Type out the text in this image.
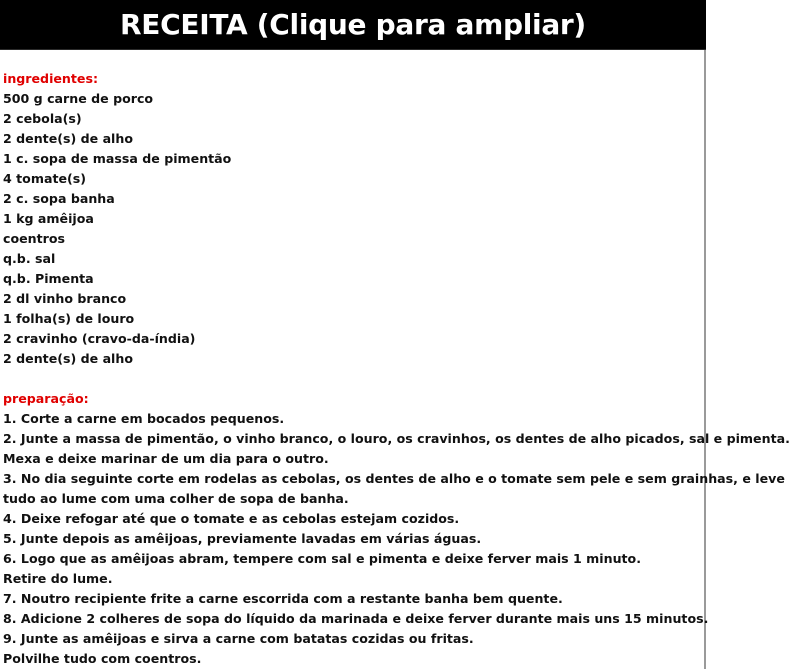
RECEITA (Clique para ampliar)
ingredientes:
500 g carne de porco
2 cebola(s)
2 dente(s) de alho
1 c. sopa de massa de pimentão
4 tomate(s)
2 c. sopa banha
1 kg amêijoa
coentros
q.b. sal
q.b. Pimenta
2 dl vinho branco
1 folha(s) de louro
2 cravinho (cravo-da-índia)
2 dente(s) de alho
preparação:
1. Corte a carne em bocados pequenos.
2. Junte a massa de pimentão, o vinho branco, o louro, os cravinhos, os dentes de alho picados, sal e pimenta.
Mexa e deixe marinar de um dia para o outro.
3. No dia seguinte corte em rodelas as cebolas, os dentes de alho e o tomate sem pele e sem grainhas, e leve
tudo ao lume com uma colher de sopa de banha.
4. Deixe refogar até que o tomate e as cebolas estejam cozidos.
5. Junte depois as amêijoas, previamente lavadas em várias águas.
6. Logo que as amêijoas abram, tempere com sal e pimenta e deixe ferver mais 1 minuto.
Retire do lume.
7. Noutro recipiente frite a carne escorrida com a restante banha bem quente.
8. Adicione 2 colheres de sopa do líquido da marinada e deixe ferver durante mais uns 15 minutos.
9. Junte as amêijoas e sirva a carne com batatas cozidas ou fritas.
Polvilhe tudo com coentros.
